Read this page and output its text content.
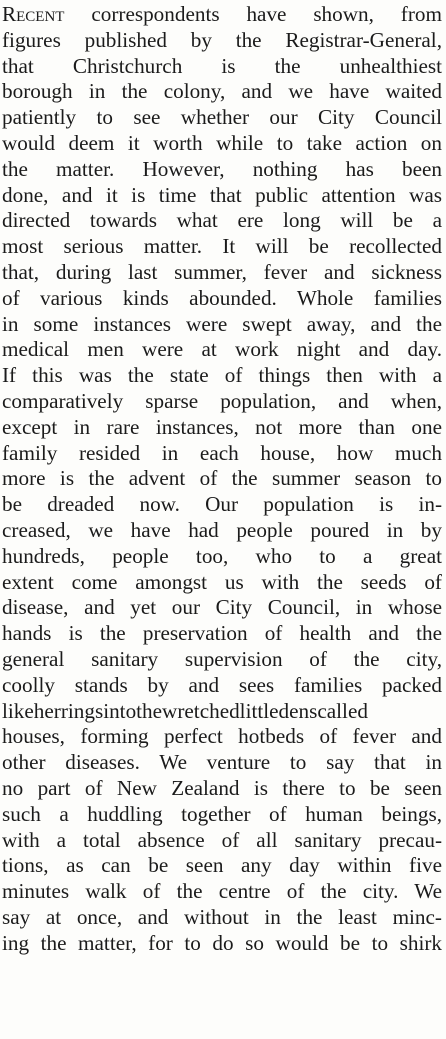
Recent correspondents have shown, from
figures published by the Registrar-General,
that Christchurch is the unhealthiest
borough in the colony, and we have waited
patiently to see whether our City Council
would deem it worth while to take action on
the matter. However, nothing has been
done, and it is time that public attention was
directed towards what ere long will be a
most serious matter. It will be recollected
that, during last summer, fever and sickness
of various kinds abounded. Whole families
in some instances were swept away, and the
medical men were at work night and day.
If this was the state of things then with a
comparatively sparse population, and when,
except in rare instances, not more than one
family resided in each house, how much
more is the advent of the summer season to
be dreaded now. Our population is in-
creased, we have had people poured in by
hundreds, people too, who to a great
extent come amongst us with the seeds of
disease, and yet our City Council, in whose
hands is the preservation of health and the
general sanitary supervision of the city,
coolly stands by and sees families packed
likeherringsintothewretchedlittledenscalled
houses, forming perfect hotbeds of fever and
other diseases. We venture to say that in
no part of New Zealand is there to be seen
such a huddling together of human beings,
with a total absence of all sanitary precau-
tions, as can be seen any day within five
minutes walk of the centre of the city. We
say at once, and without in the least minc-
ing the matter, for to do so would be to shirk
